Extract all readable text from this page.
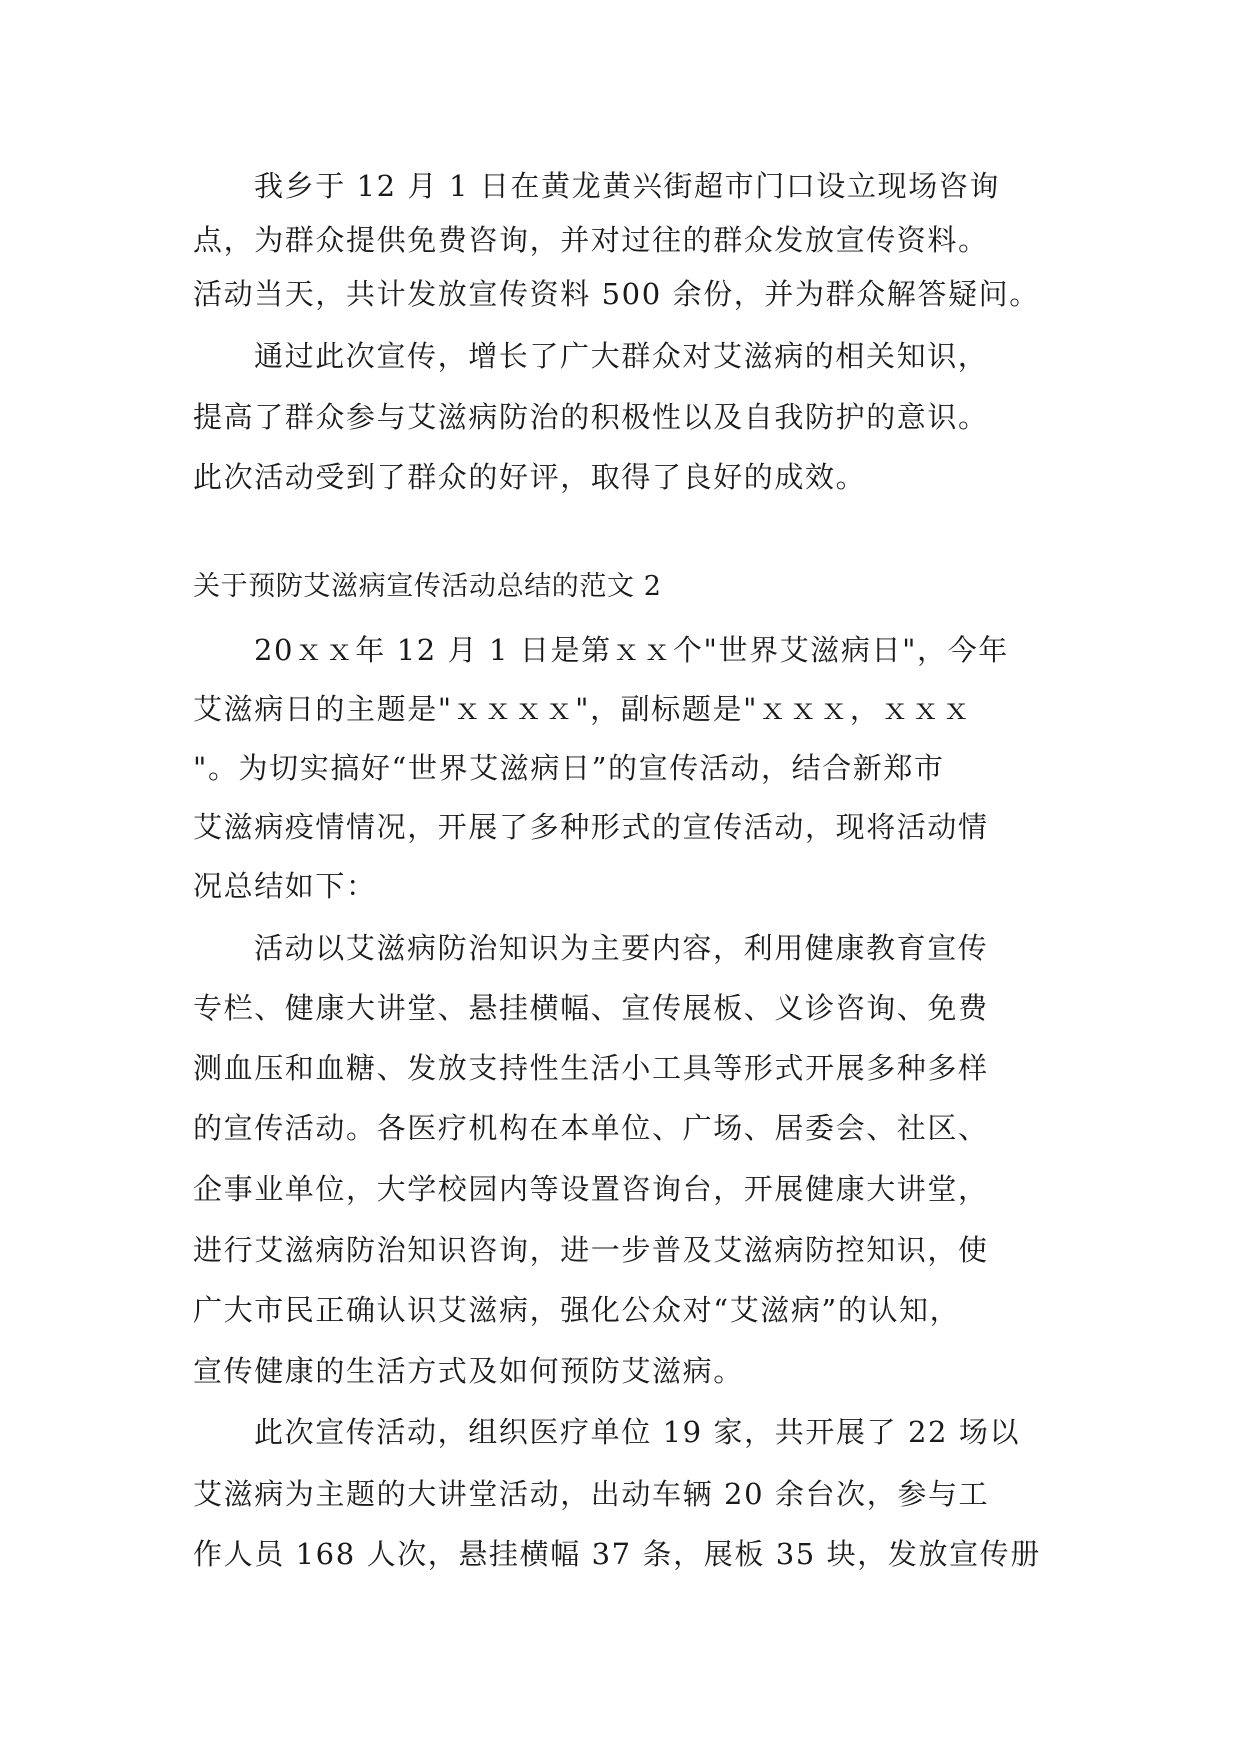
我乡于 12 月 1 日在黄龙黄兴街超市门口设立现场咨询

点，为群众提供免费咨询，并对过往的群众发放宣传资料。

活动当天，共计发放宣传资料 500 余份，并为群众解答疑问。

通过此次宣传，增长了广大群众对艾滋病的相关知识，

提高了群众参与艾滋病防治的积极性以及自我防护的意识。

此次活动受到了群众的好评，取得了良好的成效。

关于预防艾滋病宣传活动总结的范文 2

20ｘｘ年 12 月 1 日是第ｘｘ个"世界艾滋病日"，今年

艾滋病日的主题是"ｘｘｘｘ"，副标题是"ｘｘｘ，ｘｘｘ

"。为切实搞好“世界艾滋病日”的宣传活动，结合新郑市

艾滋病疫情情况，开展了多种形式的宣传活动，现将活动情

况总结如下：

活动以艾滋病防治知识为主要内容，利用健康教育宣传

专栏、健康大讲堂、悬挂横幅、宣传展板、义诊咨询、免费

测血压和血糖、发放支持性生活小工具等形式开展多种多样

的宣传活动。各医疗机构在本单位、广场、居委会、社区、

企事业单位，大学校园内等设置咨询台，开展健康大讲堂，

进行艾滋病防治知识咨询，进一步普及艾滋病防控知识，使

广大市民正确认识艾滋病，强化公众对“艾滋病”的认知，

宣传健康的生活方式及如何预防艾滋病。

此次宣传活动，组织医疗单位 19 家，共开展了 22 场以

艾滋病为主题的大讲堂活动，出动车辆 20 余台次，参与工

作人员 168 人次，悬挂横幅 37 条，展板 35 块，发放宣传册
